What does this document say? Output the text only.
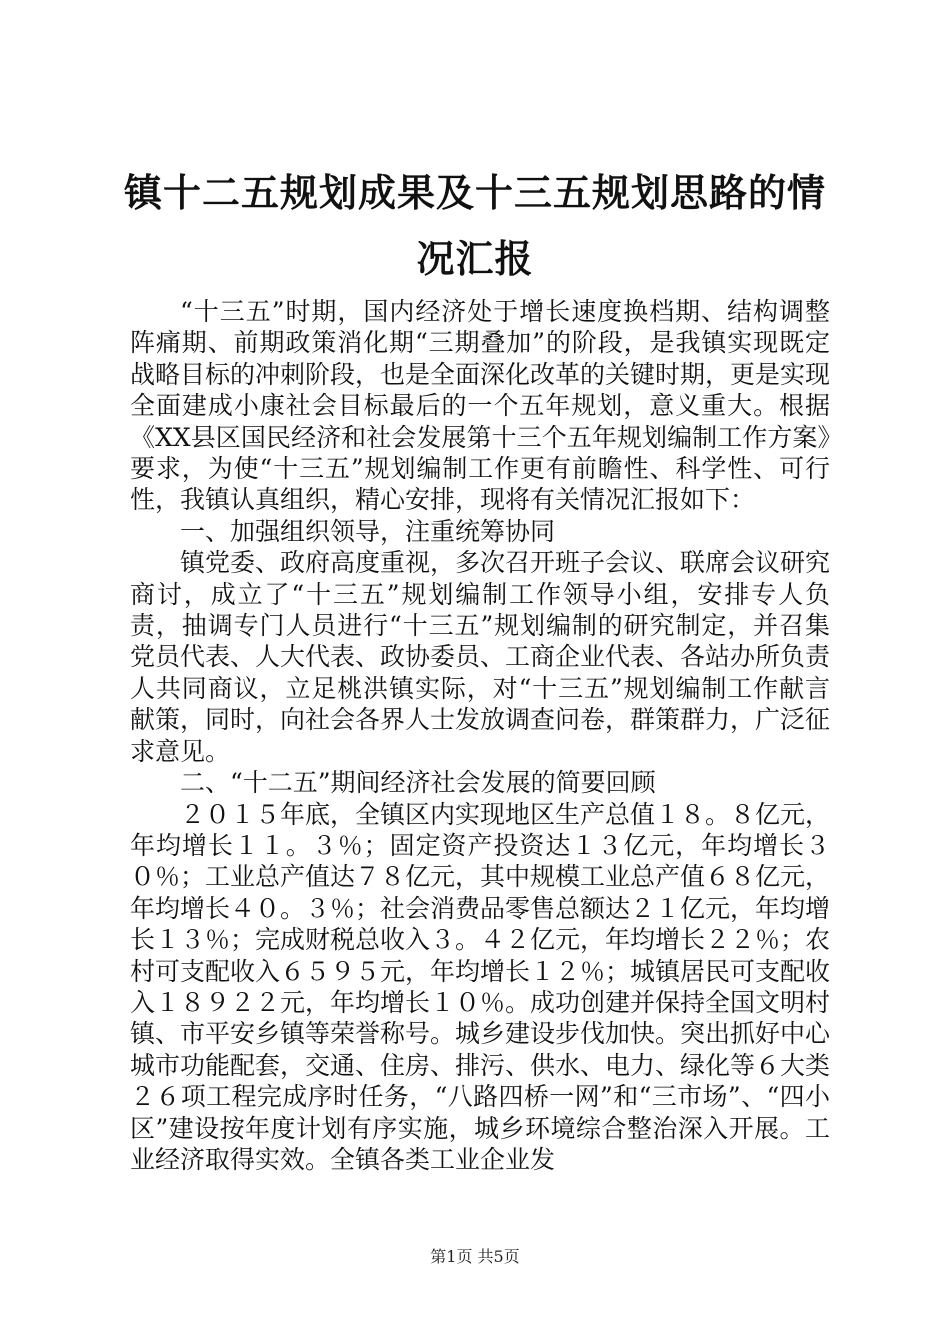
镇十二五规划成果及十三五规划思路的情况汇报

“十三五”时期，国内经济处于增长速度换档期、结构调整阵痛期、前期政策消化期“三期叠加”的阶段，是我镇实现既定战略目标的冲刺阶段，也是全面深化改革的关键时期，更是实现全面建成小康社会目标最后的一个五年规划，意义重大。根据《XX县区国民经济和社会发展第十三个五年规划编制工作方案》要求，为使“十三五”规划编制工作更有前瞻性、科学性、可行性，我镇认真组织，精心安排，现将有关情况汇报如下：

一、加强组织领导，注重统筹协同

镇党委、政府高度重视，多次召开班子会议、联席会议研究商讨，成立了“十三五”规划编制工作领导小组，安排专人负责，抽调专门人员进行“十三五”规划编制的研究制定，并召集党员代表、人大代表、政协委员、工商企业代表、各站办所负责人共同商议，立足桃洪镇实际，对“十三五”规划编制工作献言献策，同时，向社会各界人士发放调查问卷，群策群力，广泛征求意见。

二、“十二五”期间经济社会发展的简要回顾

２０１５年底，全镇区内实现地区生产总值１８。８亿元，年均增长１１。３％；固定资产投资达１３亿元，年均增长３０％；工业总产值达７８亿元，其中规模工业总产值６８亿元，年均增长４０。３％；社会消费品零售总额达２１亿元，年均增长１３％；完成财税总收入３。４２亿元，年均增长２２％；农村可支配收入６５９５元，年均增长１２％；城镇居民可支配收入１８９２２元，年均增长１０％。成功创建并保持全国文明村镇、市平安乡镇等荣誉称号。城乡建设步伐加快。突出抓好中心城市功能配套，交通、住房、排污、供水、电力、绿化等６大类２６项工程完成序时任务，“八路四桥一网”和“三市场”、“四小区”建设按年度计划有序实施，城乡环境综合整治深入开展。工业经济取得实效。全镇各类工业企业发

第1页 共5页
